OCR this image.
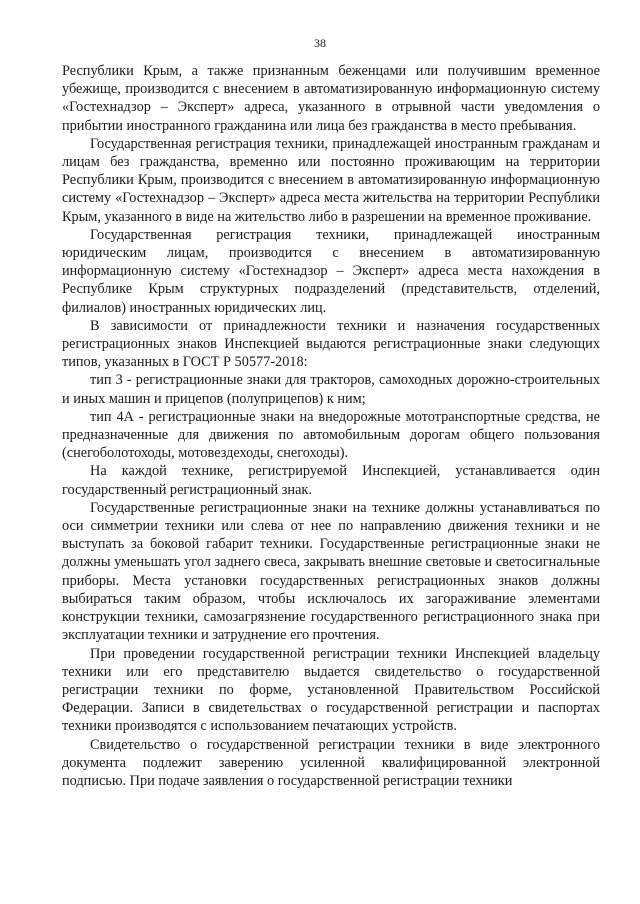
38

Республики Крым, а также признанным беженцами или получившим временное убежище, производится с внесением в автоматизированную информационную систему «Гостехнадзор – Эксперт» адреса, указанного в отрывной части уведомления о прибытии иностранного гражданина или лица без гражданства в место пребывания.

Государственная регистрация техники, принадлежащей иностранным гражданам и лицам без гражданства, временно или постоянно проживающим на территории Республики Крым, производится с внесением в автоматизированную информационную систему «Гостехнадзор – Эксперт» адреса места жительства на территории Республики Крым, указанного в виде на жительство либо в разрешении на временное проживание.

Государственная регистрация техники, принадлежащей иностранным юридическим лицам, производится с внесением в автоматизированную информационную систему «Гостехнадзор – Эксперт» адреса места нахождения в Республике Крым структурных подразделений (представительств, отделений, филиалов) иностранных юридических лиц.

В зависимости от принадлежности техники и назначения государственных регистрационных знаков Инспекцией выдаются регистрационные знаки следующих типов, указанных в ГОСТ Р 50577-2018:

тип 3 - регистрационные знаки для тракторов, самоходных дорожно-строительных и иных машин и прицепов (полуприцепов) к ним;

тип 4А - регистрационные знаки на внедорожные мототранспортные средства, не предназначенные для движения по автомобильным дорогам общего пользования (снегоболотоходы, мотовездеходы, снегоходы).

На каждой технике, регистрируемой Инспекцией, устанавливается один государственный регистрационный знак.

Государственные регистрационные знаки на технике должны устанавливаться по оси симметрии техники или слева от нее по направлению движения техники и не выступать за боковой габарит техники. Государственные регистрационные знаки не должны уменьшать угол заднего свеса, закрывать внешние световые и светосигнальные приборы. Места установки государственных регистрационных знаков должны выбираться таким образом, чтобы исключалось их загораживание элементами конструкции техники, самозагрязнение государственного регистрационного знака при эксплуатации техники и затруднение его прочтения.

При проведении государственной регистрации техники Инспекцией владельцу техники или его представителю выдается свидетельство о государственной регистрации техники по форме, установленной Правительством Российской Федерации. Записи в свидетельствах о государственной регистрации и паспортах техники производятся с использованием печатающих устройств.

Свидетельство о государственной регистрации техники в виде электронного документа подлежит заверению усиленной квалифицированной электронной подписью. При подаче заявления о государственной регистрации техники
